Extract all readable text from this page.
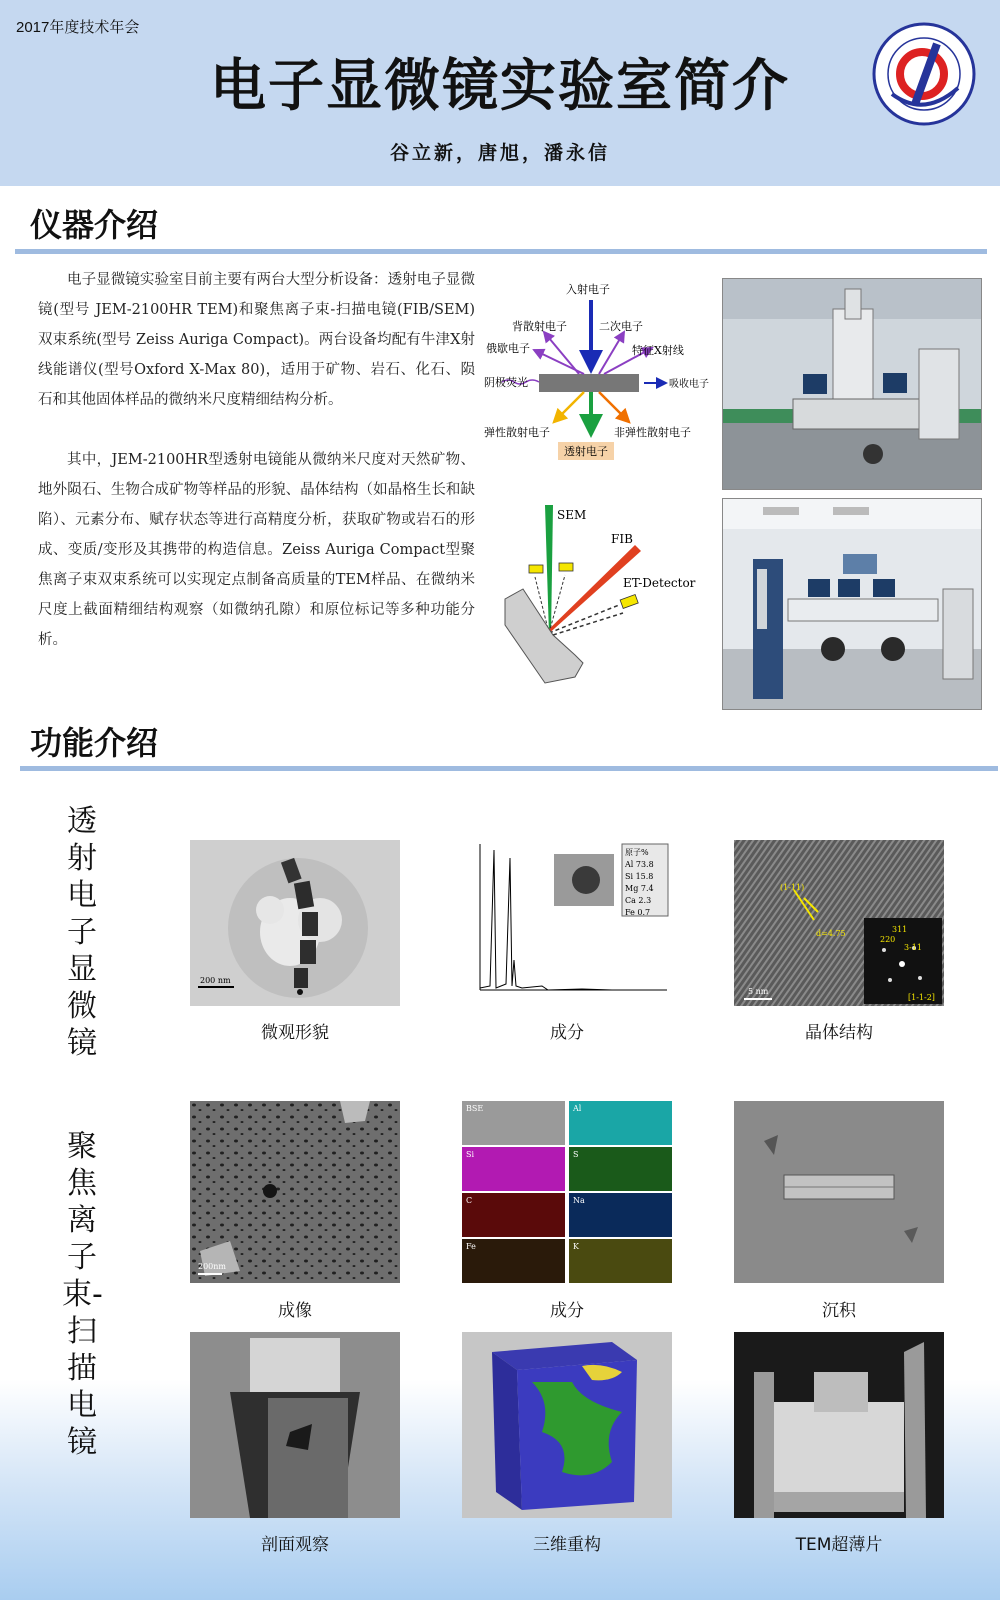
2017年度技术年会
电子显微镜实验室简介
谷立新，唐旭，潘永信
仪器介绍

电子显微镜实验室目前主要有两台大型分析设备：透射电子显微镜(型号 JEM-2100HR TEM)和聚焦离子束-扫描电镜(FIB/SEM)双束系统(型号 Zeiss Auriga Compact)。两台设备均配有牛津X射线能谱仪(型号Oxford X-Max 80)，适用于矿物、岩石、化石、陨石和其他固体样品的微纳米尺度精细结构分析。

其中，JEM-2100HR型透射电镜能从微纳米尺度对天然矿物、地外陨石、生物合成矿物等样品的形貌、晶体结构（如晶格生长和缺陷）、元素分布、赋存状态等进行高精度分析，获取矿物或岩石的形成、变质/变形及其携带的构造信息。Zeiss Auriga Compact型聚焦离子束双束系统可以实现定点制备高质量的TEM样品、在微纳米尺度上截面精细结构观察（如微纳孔隙）和原位标记等多种功能分析。

入射电子
背散射电子	二次电子
俄歇电子	特征X射线
阴极荧光	吸收电子
弹性散射电子	非弹性散射电子
透射电子
SEM
FIB
ET-Detector
功能介绍
透射电子显微镜
聚焦离子束-扫描电镜
200 nm
原子%
Al 73.8
Si 15.8
Mg 7.4
Ca 2.3
Fe 0.7
(1-11)
d=4.75	311
220
3-11
[1-1-2]
5 nm
微观形貌	成分	晶体结构
200nm
BSE	Al
Si	S
C	Na
Fe	K
成像	成分	沉积
剖面观察	三维重构	TEM超薄片
